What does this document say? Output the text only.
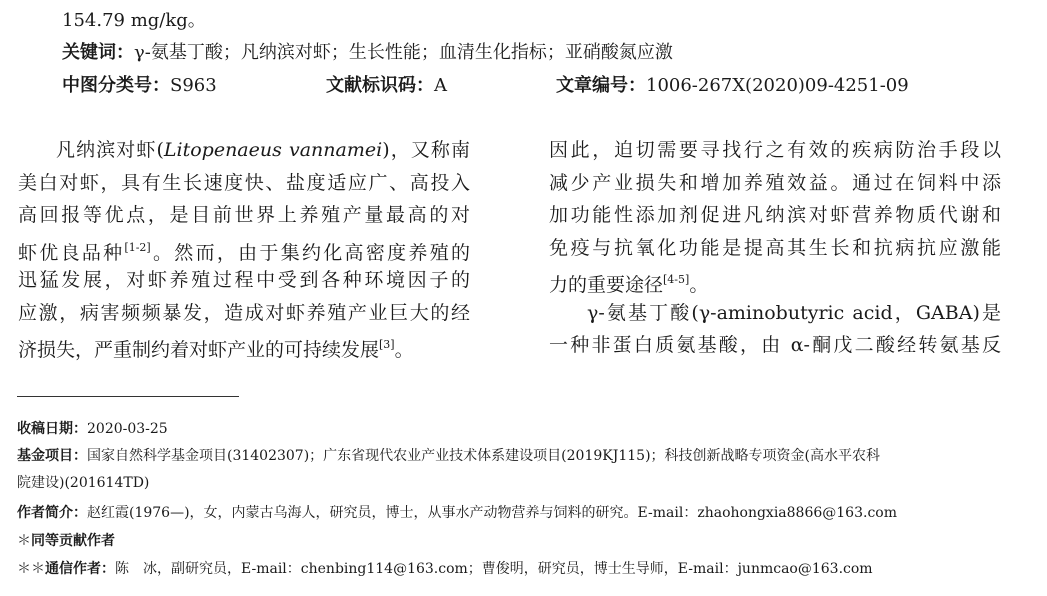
154.79 mg/kg。
关键词：γ-氨基丁酸；凡纳滨对虾；生长性能；血清生化指标；亚硝酸氮应激
中图分类号：S963	文献标识码：A	文章编号：1006-267X(2020)09-4251-09
凡纳滨对虾(Litopenaeus vannamei)，又称南
美白对虾，具有生长速度快、盐度适应广、高投入
高回报等优点，是目前世界上养殖产量最高的对
虾优良品种[1-2]。然而，由于集约化高密度养殖的
迅猛发展，对虾养殖过程中受到各种环境因子的
应激，病害频频暴发，造成对虾养殖产业巨大的经
济损失，严重制约着对虾产业的可持续发展[3]。
因此，迫切需要寻找行之有效的疾病防治手段以
减少产业损失和增加养殖效益。通过在饲料中添
加功能性添加剂促进凡纳滨对虾营养物质代谢和
免疫与抗氧化功能是提高其生长和抗病抗应激能
力的重要途径[4-5]。
γ-氨基丁酸(γ-aminobutyric acid，GABA)是
一种非蛋白质氨基酸，由 α-酮戊二酸经转氨基反
收稿日期：2020-03-25
基金项目：国家自然科学基金项目(31402307)；广东省现代农业产业技术体系建设项目(2019KJ115)；科技创新战略专项资金(高水平农科
院建设)(201614TD)
作者简介：赵红霞(1976—)，女，内蒙古乌海人，研究员，博士，从事水产动物营养与饲料的研究。E-mail：zhaohongxia8866@163.com
＊同等贡献作者
＊＊通信作者：陈　冰，副研究员，E-mail：chenbing114@163.com；曹俊明，研究员，博士生导师，E-mail：junmcao@163.com
